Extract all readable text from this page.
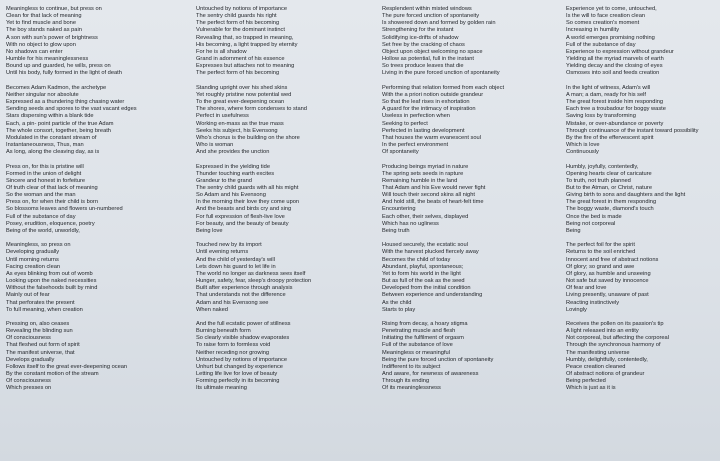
Meaningless to continue, but press on
Clean for that lack of meaning
Yet to find muscle and bone
The boy stands naked as pain
A son with sun's power of brightness
With no object to glow upon
No shadows can enter
Humble for his meaninglessness
Bound up and guarded, he wills, press on
Until his body, fully formed in the light of death
Becomes Adam Kadmon, the archetype
Neither singular nor absolute
Expressed as a thundering thing chasing water
Sending seeds and spores to the vast vacant edges
Stars dispersing within a blank tide
Each, a pin- point particle of the true Adam
The whole consort, together, being breath
Modulated in the constant stream of
Instantaneousness, Thus, man
As long, along the cleaving day, as is
Press on, for this is pristine will
Formed in the union of delight
Sincere and honest in forfeiture
Of truth clear of that lack of meaning
So the woman and the man
Press on, for when their child is born
So blossoms leaves and flowers un-numbered
Full of the substance of day
Posey, erudition, eloquence, poetry
Being of the world, unworldly,
Meaningless, so press on
Developing gradually
Until morning returns
Facing creation clean
As eyes blinking from out of womb
Looking upon the naked necessities
Without the falsehoods built by mind
Mainly out of fear
That perforates the present
To full meaning, when creation
Pressing on, also ceases
Revealing the blinding sun
Of consciousness
That fleshed out form of spirit
The manifest universe, that
Develops gradually
Follows itself to the great ever-deepening ocean
By the constant motion of the stream
Of consciousness
Which presses on
Untouched by notions of importance
The sentry child guards his right
The perfect form of his becoming
Vulnerable for the dominant instinct
Revealing that, so trapped in meaning,
His becoming, a light trapped by eternity
For he is all shadow
Grand in adornment of his essence
Expresses but attaches not to meaning
The perfect form of his becoming
Standing upright over his shed skins
Yet roughly pristine now potential wed
To the great ever-deepening ocean
The shores, where form condenses to stand
Perfect in usefulness
Working en-mass as the true mass
Seeks his subject, his Evensong
Who's chorus is the building on the shore
Who is woman
And she provides the unction
Expressed in the yielding tide
Thunder touching earth excites
Grandeur to the grand
The sentry child guards with all his might
So Adam and his Evensong
In the morning their love they come upon
And the beasts and birds cry and sing
For full expression of flesh-live love
For beauty, and the beauty of beauty
Being love
Touched new by its import
Until evening returns
And the child of yesterday's will
Lets down his guard to let life in
The world no longer as darkness sees itself
Hunger, safety, fear, sleep's droopy protection
Built after experience through analysis
That understands not the difference
Adam and his Evensong see
When naked
And the full ecstatic power of stillness
Burning beneath form
So clearly visible shadow evaporates
To raise form to formless void
Neither receding nor growing
Untouched by notions of importance
Unhurt but changed by experience
Letting life live for love of beauty
Forming perfectly in its becoming
Its ultimate meaning
Resplendent within misted windows
The pure forced unction of spontaneity
Is showered down and formed by golden rain
Strengthening for the instant
Solidifying ice-drifts of shadow
Set free by the cracking of chaos
Object upon object welcoming no space
Hollow as potential, full in the instant
So trees produce leaves that die
Living in the pure forced unction of spontaneity
Performing that relation formed from each object
With the a priori notion outside grandeur
So that the leaf rises in exhortation
A guard for the intimacy of inspiration
Useless in perfection when
Seeking to perfect
Perfected in lasting development
That houses the warm evanescent soul
In the perfect environment
Of spontaneity
Producing beings myriad in nature
The spring sets seeds in rapture
Remaining humble in the land
That Adam and his Eve would never fight
Will touch their second skins all night
And hold still, the beats of heart-felt time
Encountering
Each other, their selves, displayed
Which has no ugliness
Being truth
Housed securely, the ecstatic soul
With the harvest plucked fiercely away
Becomes the child of today
Abundant, playful, spontaneous;
Yet to form his world in the light
But as full of the oak as the seed
Developed from the initial condition
Between experience and understanding
As the child
Starts to play
Rising from decay, a hoary stigma
Penetrating muscle and flesh
Initiating the fulfilment of orgasm
Full of the substance of love
Meaningless or meaningful
Being the pure forced unction of spontaneity
Indifferent to its subject
And aware, for newness of awareness
Through its ending
Of its meaninglessness
Experience yet to come, untouched,
Is the will to face creation clean
So comes creation's moment
Increasing in humility
A world emerges promising nothing
Full of the substance of day
Experience to expression without grandeur
Yielding all the myriad marvels of earth
Yielding decay and the closing of eyes
Osmoses into soil and feeds creation
In the light of witness, Adam's will
A man; a dam, ready for his self
The great forest inside him responding
Each tree a troubadour for boggy waste
Saving loss by transforming
Mistake, or over-abundance or poverty
Through continuance of the instant toward possibility
By the fire of the effervescent spirit
Which is love
Continuously
Humbly, joyfully, contentedly,
Opening hearts clear of caricature
To truth, not truth planned
But to the Atman, or Christ, nature
Giving birth to sons and daughters and the light
The great forest in them responding
The boggy waste, diamond's touch
Once the bed is made
Being not corporeal
Being
The perfect foil for the spirit
Returns to the soil enriched
Innocent and free of abstract notions
Of glory; so grand and awe
Of glory, as humble and unseeing
Not safe but saved by innocence
Of fear and love
Living presently, unaware of past
Reacting instinctively
Lovingly
Receives the pollen on its passion's tip
A light released into an entity
Not corporeal, but affecting the corporeal
Through the synchronous harmony of
The manifesting universe
Humbly, delightfully, contentedly,
Peace creation cleaned
Of abstract notions of grandeur
Being perfected
Which is just as it is
